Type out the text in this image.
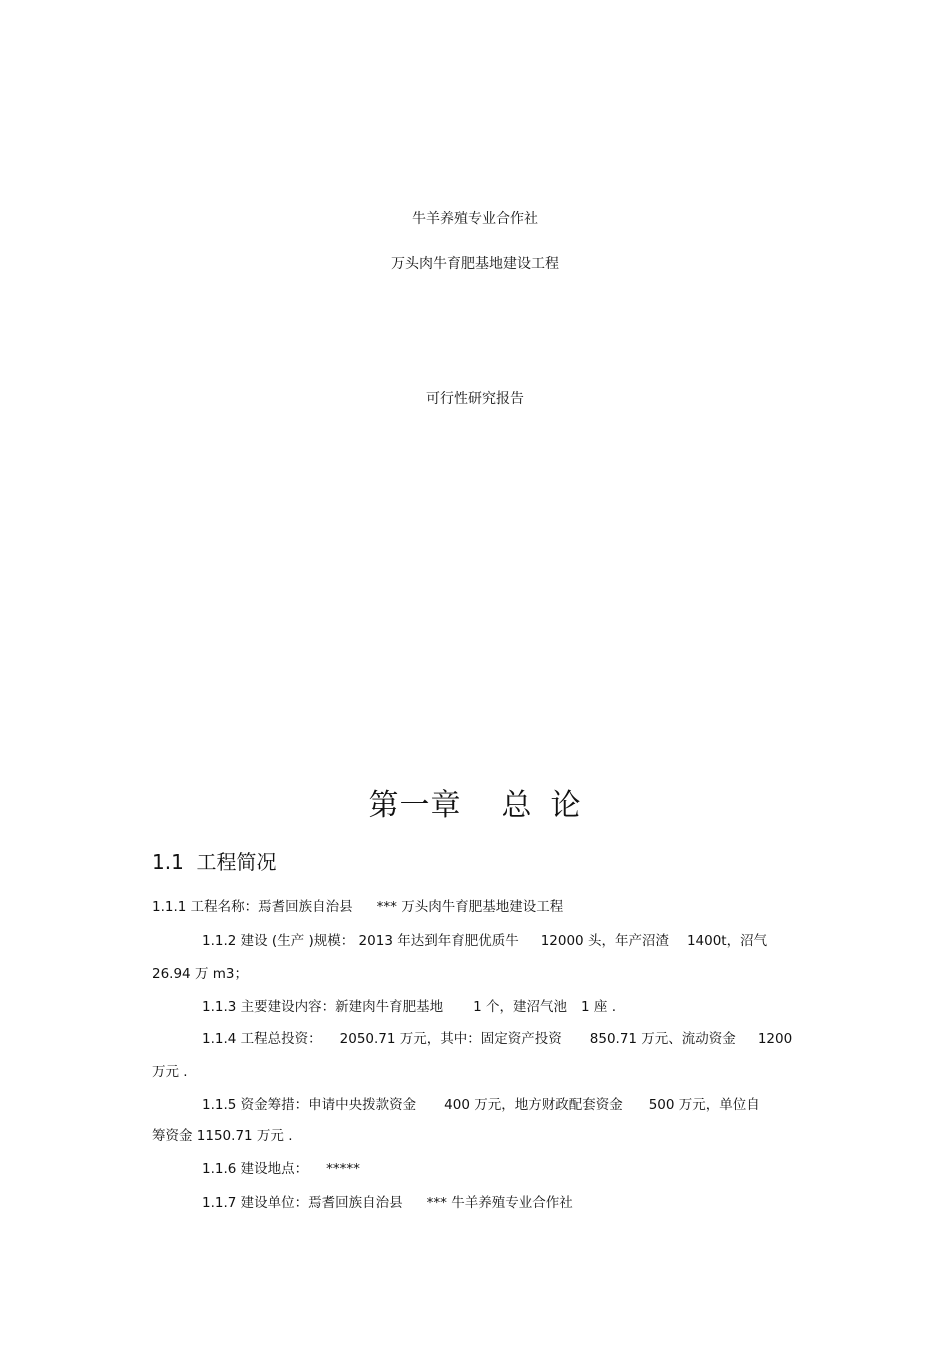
牛羊养殖专业合作社
万头肉牛育肥基地建设工程
可行性研究报告
第一章 总 论
1.1 工程简况
1.1.1 工程名称：焉耆回族自治县 *** 万头肉牛育肥基地建设工程
1.1.2 建设 (生产 )规模： 2013 年达到年育肥优质牛 12000 头，年产沼渣 1400t，沼气
26.94 万 m3；
1.1.3 主要建设内容：新建肉牛育肥基地 1 个，建沼气池 1 座 .
1.1.4 工程总投资： 2050.71 万元，其中：固定资产投资 850.71 万元、流动资金 1200
万元 .
1.1.5 资金筹措：申请中央拨款资金 400 万元，地方财政配套资金 500 万元，单位自
筹资金 1150.71 万元 .
1.1.6 建设地点： *****
1.1.7 建设单位：焉耆回族自治县 *** 牛羊养殖专业合作社
